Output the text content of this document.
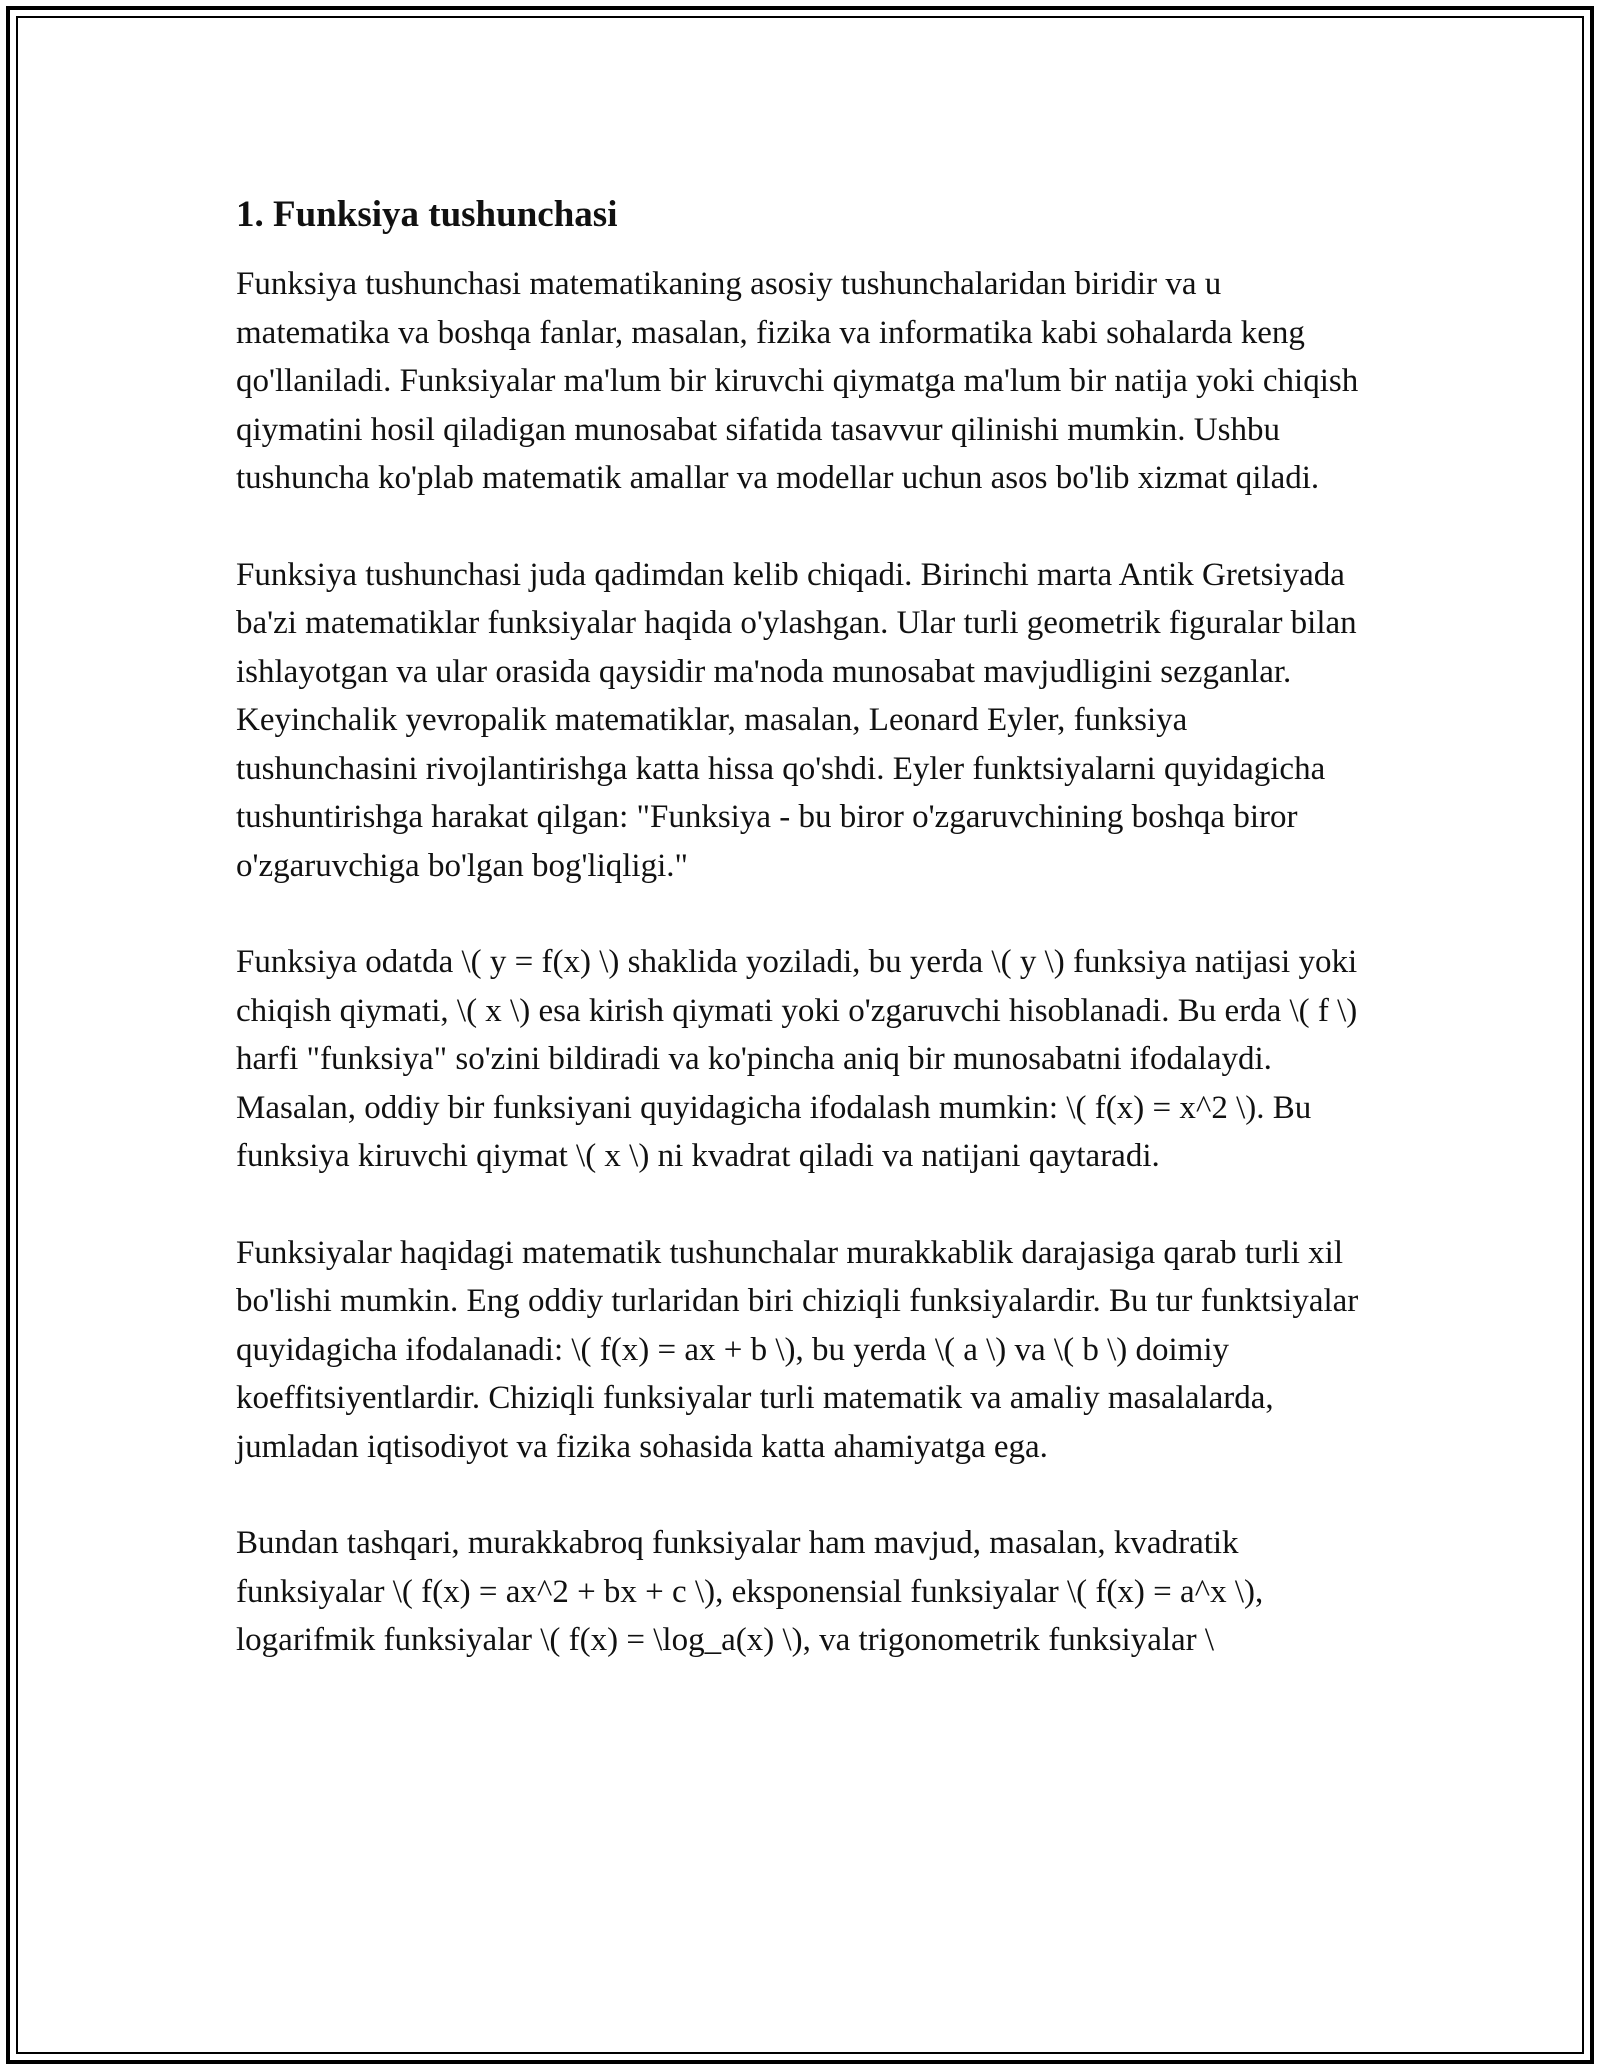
1. Funksiya tushunchasi

Funksiya tushunchasi matematikaning asosiy tushunchalaridan biridir va u matematika va boshqa fanlar, masalan, fizika va informatika kabi sohalarda keng qo'llaniladi. Funksiyalar ma'lum bir kiruvchi qiymatga ma'lum bir natija yoki chiqish qiymatini hosil qiladigan munosabat sifatida tasavvur qilinishi mumkin. Ushbu tushuncha ko'plab matematik amallar va modellar uchun asos bo'lib xizmat qiladi.

Funksiya tushunchasi juda qadimdan kelib chiqadi. Birinchi marta Antik Gretsiyada ba'zi matematiklar funksiyalar haqida o'ylashgan. Ular turli geometrik figuralar bilan ishlayotgan va ular orasida qaysidir ma'noda munosabat mavjudligini sezganlar. Keyinchalik yevropalik matematiklar, masalan, Leonard Eyler, funksiya tushunchasini rivojlantirishga katta hissa qo'shdi. Eyler funktsiyalarni quyidagicha tushuntirishga harakat qilgan: "Funksiya - bu biror o'zgaruvchining boshqa biror o'zgaruvchiga bo'lgan bog'liqligi."

Funksiya odatda \( y = f(x) \) shaklida yoziladi, bu yerda \( y \) funksiya natijasi yoki chiqish qiymati, \( x \) esa kirish qiymati yoki o'zgaruvchi hisoblanadi. Bu erda \( f \) harfi "funksiya" so'zini bildiradi va ko'pincha aniq bir munosabatni ifodalaydi. Masalan, oddiy bir funksiyani quyidagicha ifodalash mumkin: \( f(x) = x^2 \). Bu funksiya kiruvchi qiymat \( x \) ni kvadrat qiladi va natijani qaytaradi.

Funksiyalar haqidagi matematik tushunchalar murakkablik darajasiga qarab turli xil bo'lishi mumkin. Eng oddiy turlaridan biri chiziqli funksiyalardir. Bu tur funktsiyalar quyidagicha ifodalanadi: \( f(x) = ax + b \), bu yerda \( a \) va \( b \) doimiy koeffitsiyentlardir. Chiziqli funksiyalar turli matematik va amaliy masalalarda, jumladan iqtisodiyot va fizika sohasida katta ahamiyatga ega.

Bundan tashqari, murakkabroq funksiyalar ham mavjud, masalan, kvadratik funksiyalar \( f(x) = ax^2 + bx + c \), eksponensial funksiyalar \( f(x) = a^x \), logarifmik funksiyalar \( f(x) = \log_a(x) \), va trigonometrik funksiyalar \
